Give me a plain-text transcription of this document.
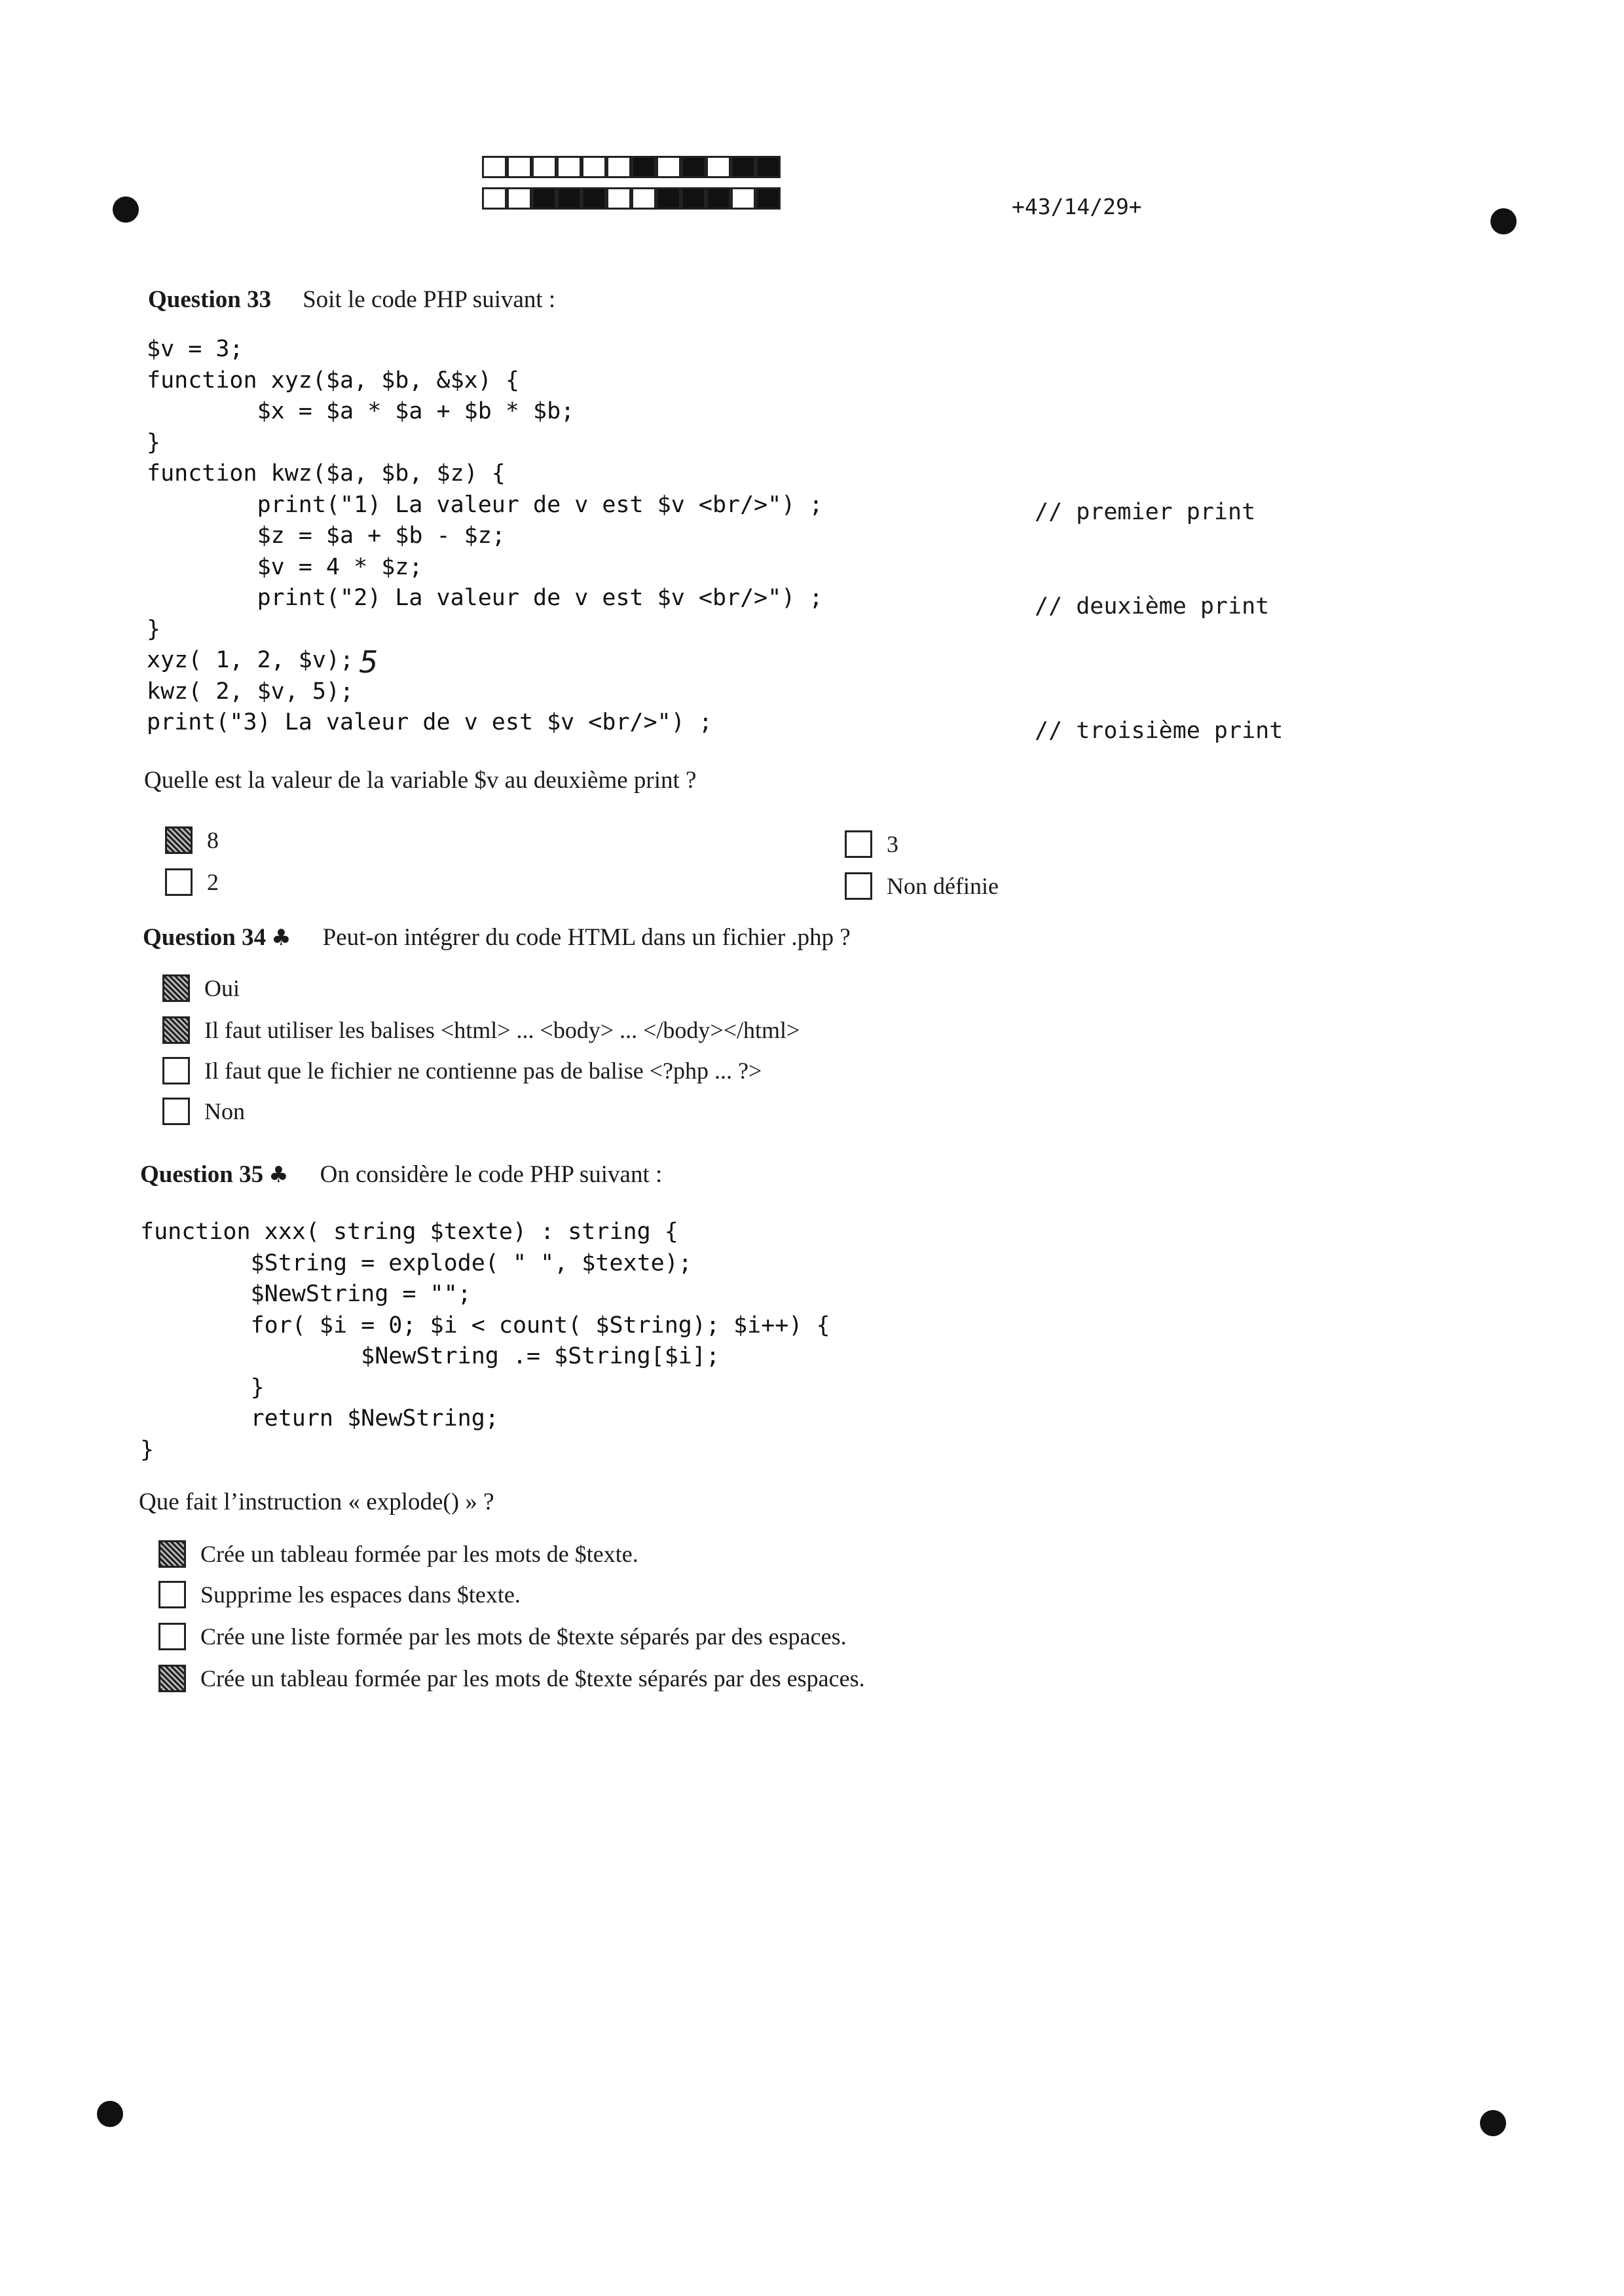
+43/14/29+
Question 33 Soit le code PHP suivant :
$v = 3;
function xyz($a, $b, &$x) {
$x = $a * $a + $b * $b;
}
function kwz($a, $b, $z) {
print("1) La valeur de v est $v <br/>") ;
$z = $a + $b - $z;
$v = 4 * $z;
print("2) La valeur de v est $v <br/>") ;
}
xyz( 1, 2, $v);
kwz( 2, $v, 5);
print("3) La valeur de v est $v <br/>") ;
// premier print
// deuxième print
// troisième print
5
Quelle est la valeur de la variable $v au deuxième print ?
8
2
3
Non définie
Question 34 ♣ Peut-on intégrer du code HTML dans un fichier .php ?
Oui
Il faut utiliser les balises <html> ... <body> ... </body></html>
Il faut que le fichier ne contienne pas de balise <?php ... ?>
Non
Question 35 ♣ On considère le code PHP suivant :
function xxx( string $texte) : string {
$String = explode( " ", $texte);
$NewString = "";
for( $i = 0; $i < count( $String); $i++) {
$NewString .= $String[$i];
}
return $NewString;
}
Que fait l’instruction « explode() » ?
Crée un tableau formée par les mots de $texte.
Supprime les espaces dans $texte.
Crée une liste formée par les mots de $texte séparés par des espaces.
Crée un tableau formée par les mots de $texte séparés par des espaces.
